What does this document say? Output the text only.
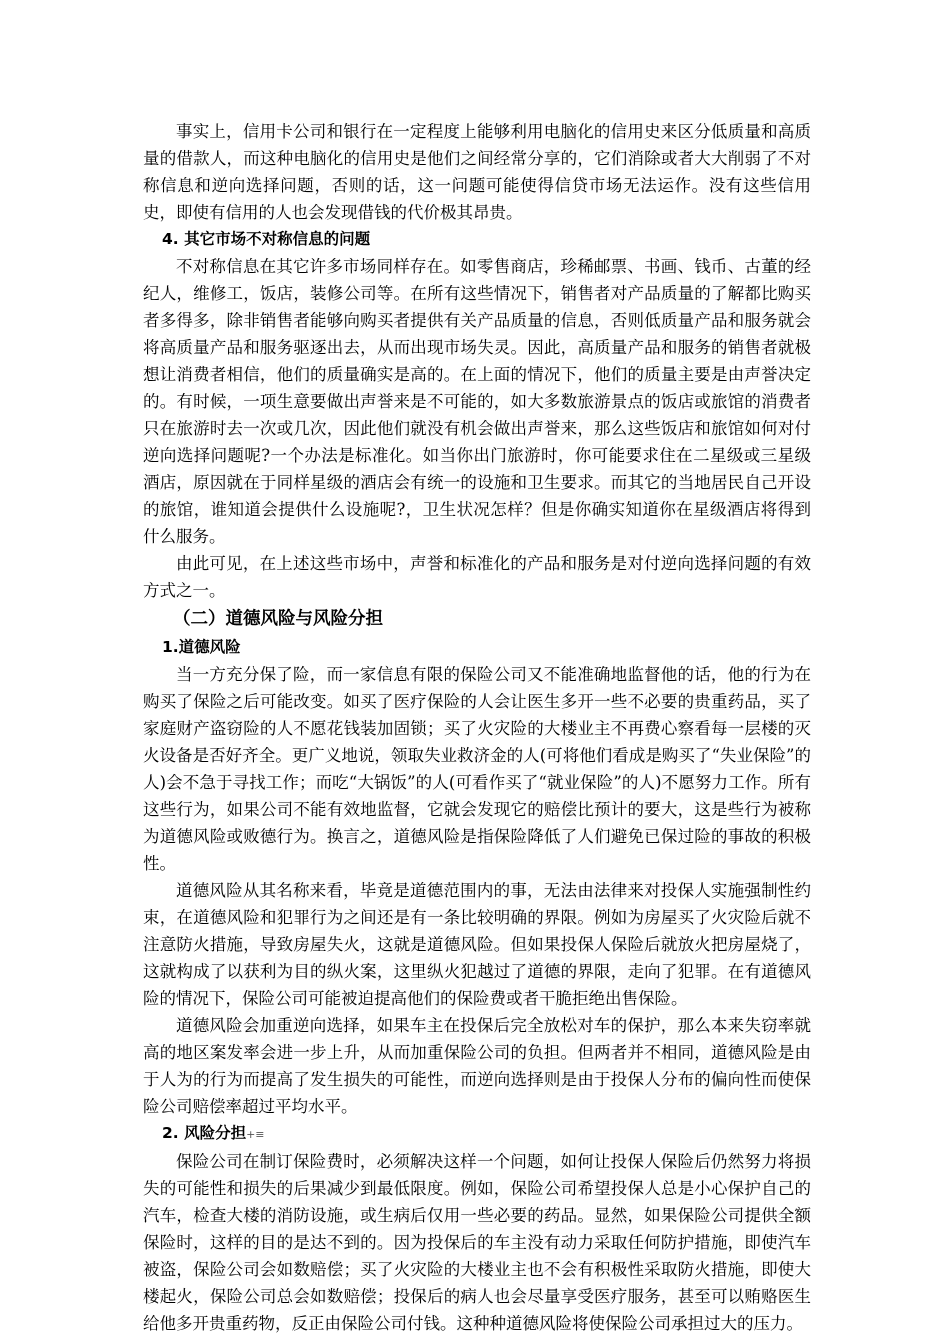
事实上，信用卡公司和银行在一定程度上能够利用电脑化的信用史来区分低质量和高质量的借款人，而这种电脑化的信用史是他们之间经常分享的，它们消除或者大大削弱了不对称信息和逆向选择问题，否则的话，这一问题可能使得信贷市场无法运作。没有这些信用史，即使有信用的人也会发现借钱的代价极其昂贵。

4. 其它市场不对称信息的问题

不对称信息在其它许多市场同样存在。如零售商店，珍稀邮票、书画、钱币、古董的经纪人，维修工，饭店，装修公司等。在所有这些情况下，销售者对产品质量的了解都比购买者多得多，除非销售者能够向购买者提供有关产品质量的信息，否则低质量产品和服务就会将高质量产品和服务驱逐出去，从而出现市场失灵。因此，高质量产品和服务的销售者就极想让消费者相信，他们的质量确实是高的。在上面的情况下，他们的质量主要是由声誉决定的。有时候，一项生意要做出声誉来是不可能的，如大多数旅游景点的饭店或旅馆的消费者只在旅游时去一次或几次，因此他们就没有机会做出声誉来，那么这些饭店和旅馆如何对付逆向选择问题呢?一个办法是标准化。如当你出门旅游时，你可能要求住在二星级或三星级酒店，原因就在于同样星级的酒店会有统一的设施和卫生要求。而其它的当地居民自己开设的旅馆，谁知道会提供什么设施呢?，卫生状况怎样？但是你确实知道你在星级酒店将得到什么服务。

由此可见，在上述这些市场中，声誉和标准化的产品和服务是对付逆向选择问题的有效方式之一。

（二）道德风险与风险分担
1.道德风险

当一方充分保了险，而一家信息有限的保险公司又不能准确地监督他的话，他的行为在购买了保险之后可能改变。如买了医疗保险的人会让医生多开一些不必要的贵重药品，买了家庭财产盗窃险的人不愿花钱装加固锁；买了火灾险的大楼业主不再费心察看每一层楼的灭火设备是否好齐全。更广义地说，领取失业救济金的人(可将他们看成是购买了“失业保险”的人)会不急于寻找工作；而吃“大锅饭”的人(可看作买了“就业保险”的人)不愿努力工作。所有这些行为，如果公司不能有效地监督，它就会发现它的赔偿比预计的要大，这是些行为被称为道德风险或败德行为。换言之，道德风险是指保险降低了人们避免已保过险的事故的积极性。

道德风险从其名称来看，毕竟是道德范围内的事，无法由法律来对投保人实施强制性约束，在道德风险和犯罪行为之间还是有一条比较明确的界限。例如为房屋买了火灾险后就不注意防火措施，导致房屋失火，这就是道德风险。但如果投保人保险后就放火把房屋烧了，这就构成了以获利为目的纵火案，这里纵火犯越过了道德的界限，走向了犯罪。在有道德风险的情况下，保险公司可能被迫提高他们的保险费或者干脆拒绝出售保险。

道德风险会加重逆向选择，如果车主在投保后完全放松对车的保护，那么本来失窃率就高的地区案发率会进一步上升，从而加重保险公司的负担。但两者并不相同，道德风险是由于人为的行为而提高了发生损失的可能性，而逆向选择则是由于投保人分布的偏向性而使保险公司赔偿率超过平均水平。

2. 风险分担+≡

保险公司在制订保险费时，必须解决这样一个问题，如何让投保人保险后仍然努力将损失的可能性和损失的后果减少到最低限度。例如，保险公司希望投保人总是小心保护自己的汽车，检查大楼的消防设施，或生病后仅用一些必要的药品。显然，如果保险公司提供全额保险时，这样的目的是达不到的。因为投保后的车主没有动力采取任何防护措施，即使汽车被盗，保险公司会如数赔偿；买了火灾险的大楼业主也不会有积极性采取防火措施，即使大楼起火，保险公司总会如数赔偿；投保后的病人也会尽量享受医疗服务，甚至可以贿赂医生给他多开贵重药物，反正由保险公司付钱。这种种道德风险将使保险公司承担过大的压力。
